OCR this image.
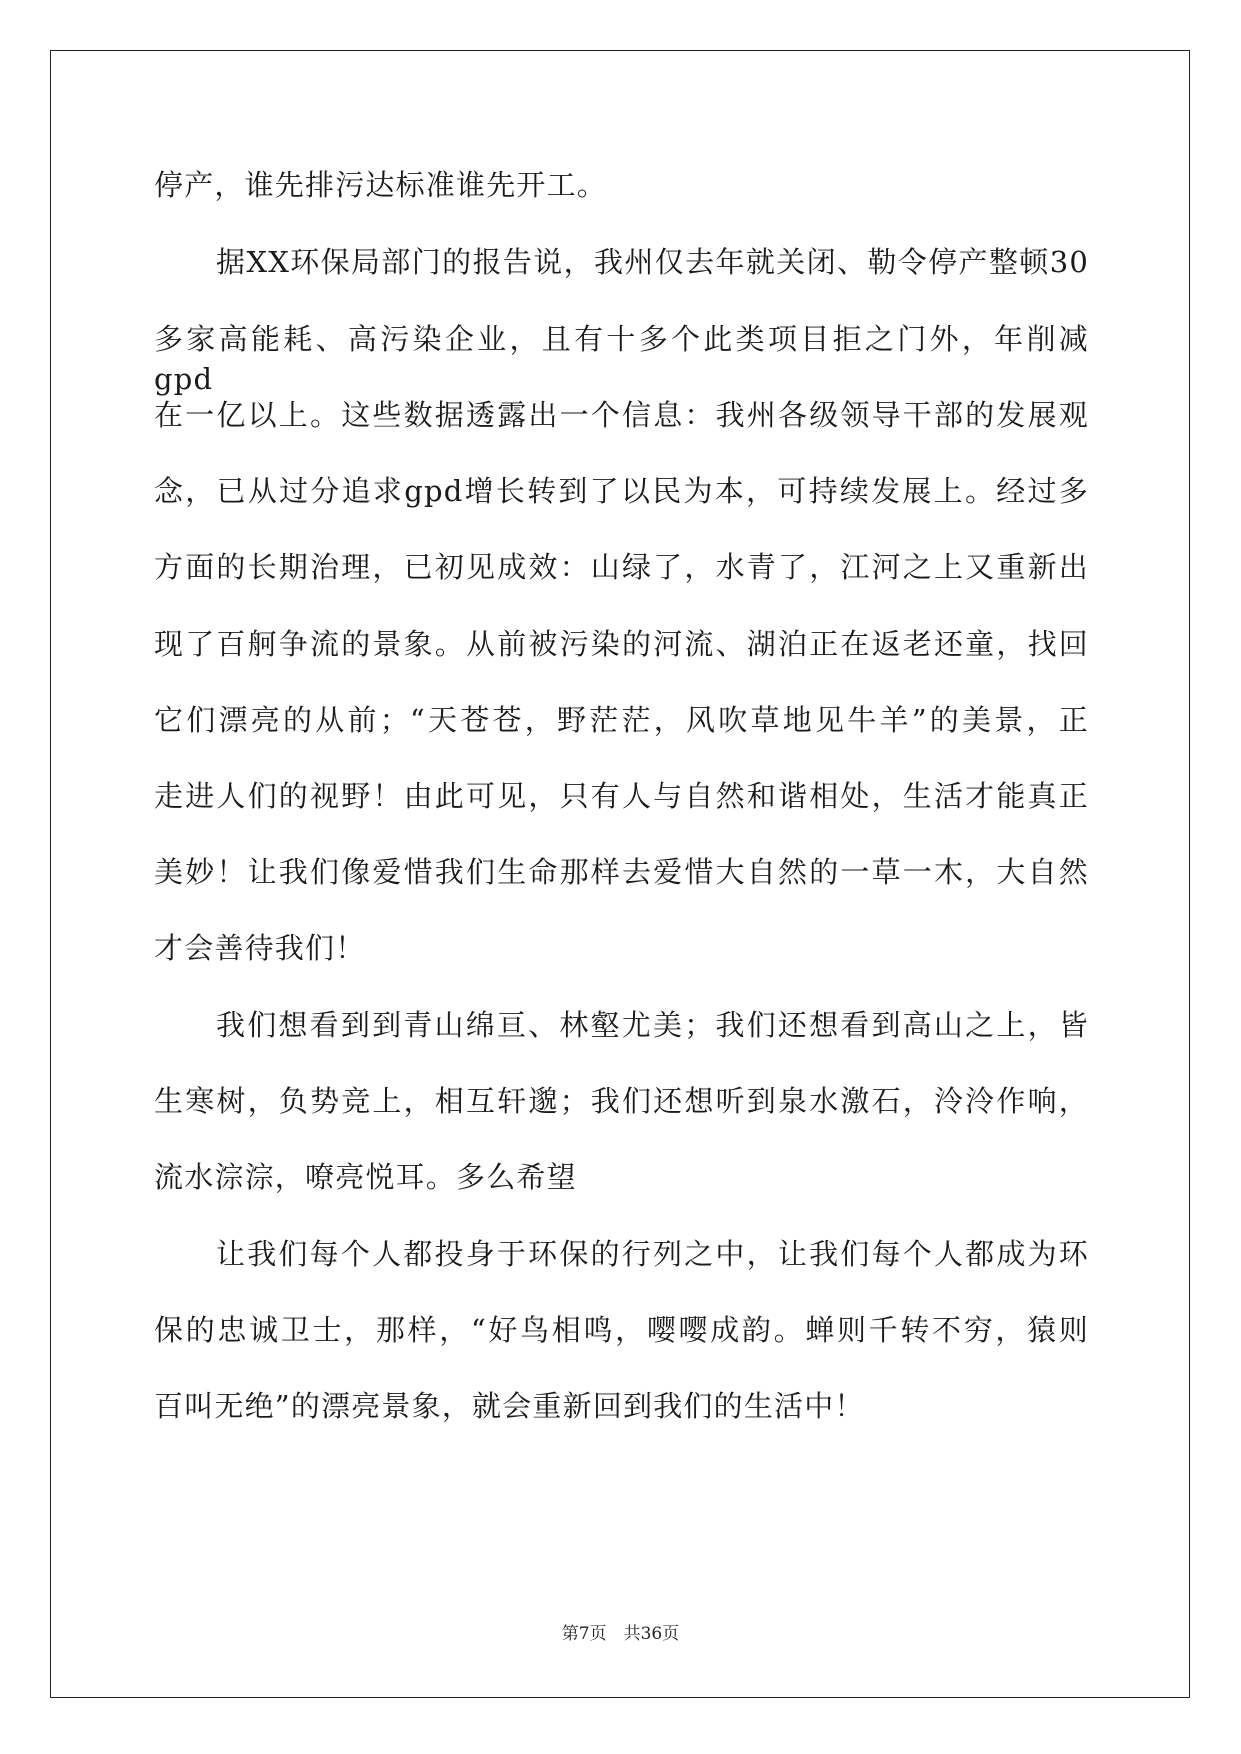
停产，谁先排污达标准谁先开工。
据XX环保局部门的报告说，我州仅去年就关闭、勒令停产整顿30
多家高能耗、高污染企业，且有十多个此类项目拒之门外，年削减gpd
在一亿以上。这些数据透露出一个信息：我州各级领导干部的发展观
念，已从过分追求gpd增长转到了以民为本，可持续发展上。经过多
方面的长期治理，已初见成效：山绿了，水青了，江河之上又重新出
现了百舸争流的景象。从前被污染的河流、湖泊正在返老还童，找回
它们漂亮的从前；“天苍苍，野茫茫，风吹草地见牛羊”的美景，正
走进人们的视野！由此可见，只有人与自然和谐相处，生活才能真正
美妙！让我们像爱惜我们生命那样去爱惜大自然的一草一木，大自然
才会善待我们！
我们想看到到青山绵亘、林壑尤美；我们还想看到高山之上，皆
生寒树，负势竞上，相互轩邈；我们还想听到泉水激石，泠泠作响，
流水淙淙，嘹亮悦耳。多么希望
让我们每个人都投身于环保的行列之中，让我们每个人都成为环
保的忠诚卫士，那样，“好鸟相鸣，嘤嘤成韵。蝉则千转不穷，猿则
百叫无绝”的漂亮景象，就会重新回到我们的生活中！
第7页　共36页
